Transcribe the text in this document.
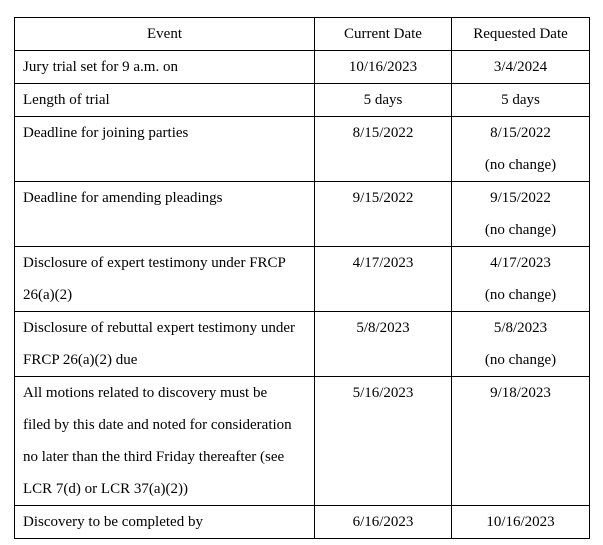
Event	Current Date	Requested Date

Jury trial set for 9 a.m. on	10/16/2023	3/4/2024

Length of trial	5 days	5 days

Deadline for joining parties	8/15/2022	8/15/2022
(no change)

Deadline for amending pleadings	9/15/2022	9/15/2022
(no change)

Disclosure of expert testimony under FRCP
26(a)(2)	4/17/2023	4/17/2023
(no change)

Disclosure of rebuttal expert testimony under
FRCP 26(a)(2) due	5/8/2023	5/8/2023
(no change)

All motions related to discovery must be
filed by this date and noted for consideration
no later than the third Friday thereafter (see
LCR 7(d) or LCR 37(a)(2))	5/16/2023	9/18/2023

Discovery to be completed by	6/16/2023	10/16/2023
